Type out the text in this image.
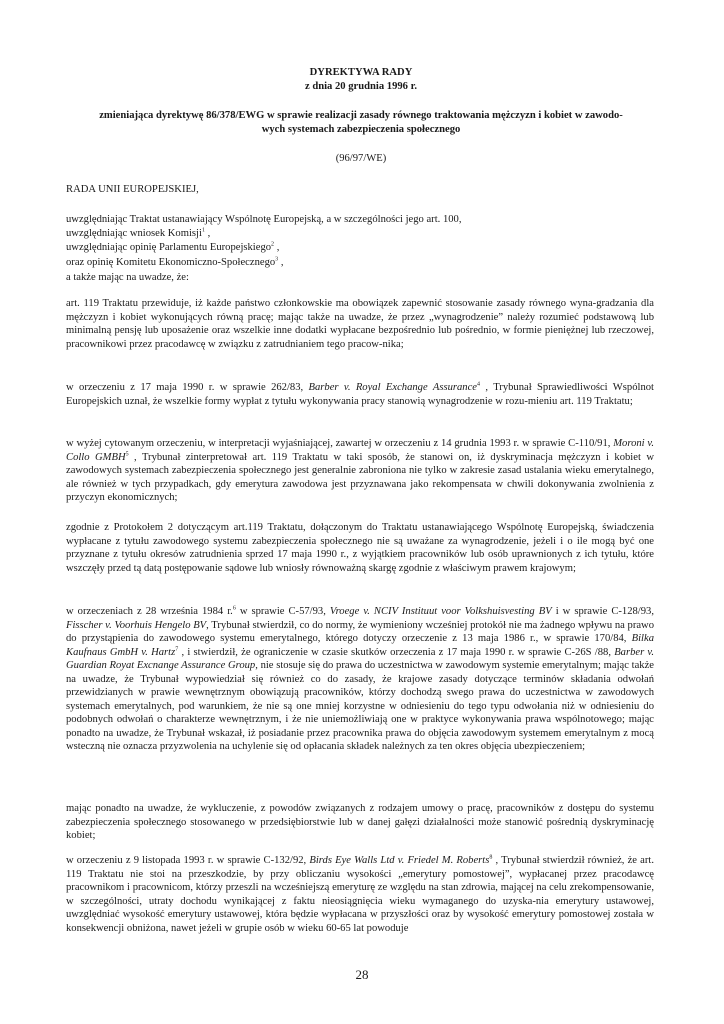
DYREKTYWA RADY
z dnia 20 grudnia 1996 r.
zmieniająca dyrektywę 86/378/EWG w sprawie realizacji zasady równego traktowania mężczyzn i kobiet w zawodo-
wych systemach zabezpieczenia społecznego
(96/97/WE)
RADA UNII EUROPEJSKIEJ,
uwzględniając Traktat ustanawiający Wspólnotę Europejską, a w szczególności jego art. 100,
uwzględniając wniosek Komisji$^1$ ,
uwzględniając opinię Parlamentu Europejskiego$^2$ ,
oraz opinię Komitetu Ekonomiczno-Społecznego$^3$ ,
a także mając na uwadze, że:

art. 119 Traktatu przewiduje, iż każde państwo członkowskie ma obowiązek zapewnić stosowanie zasady równego wyna-gradzania dla mężczyzn i kobiet wykonujących równą pracę; mając także na uwadze, że przez „wynagrodzenie” należy rozumieć podstawową lub minimalną pensję lub uposażenie oraz wszelkie inne dodatki wypłacane bezpośrednio lub pośrednio, w formie pieniężnej lub rzeczowej, pracownikowi przez pracodawcę w związku z zatrudnianiem tego pracow-nika;

w orzeczeniu z 17 maja 1990 r. w sprawie 262/83, Barber v. Royal Exchange Assurance$^4$ , Trybunał Sprawiedliwości Wspólnot Europejskich uznał, że wszelkie formy wypłat z tytułu wykonywania pracy stanowią wynagrodzenie w rozu-mieniu art. 119 Traktatu;

w wyżej cytowanym orzeczeniu, w interpretacji wyjaśniającej, zawartej w orzeczeniu z 14 grudnia 1993 r. w sprawie C-110/91, Moroni v. Collo GMBH$^5$ , Trybunał zinterpretował art. 119 Traktatu w taki sposób, że stanowi on, iż dyskryminacja mężczyzn i kobiet w zawodowych systemach zabezpieczenia społecznego jest generalnie zabroniona nie tylko w zakresie zasad ustalania wieku emerytalnego, ale również w tych przypadkach, gdy emerytura zawodowa jest przyznawana jako rekompensata w chwili dokonywania zwolnienia z przyczyn ekonomicznych;

zgodnie z Protokołem 2 dotyczącym art.119 Traktatu, dołączonym do Traktatu ustanawiającego Wspólnotę Europejską, świadczenia wypłacane z tytułu zawodowego systemu zabezpieczenia społecznego nie są uważane za wynagrodzenie, jeżeli i o ile mogą być one przyznane z tytułu okresów zatrudnienia sprzed 17 maja 1990 r., z wyjątkiem pracowników lub osób uprawnionych z ich tytułu, które wszczęły przed tą datą postępowanie sądowe lub wniosły równoważną skargę zgodnie z właściwym prawem krajowym;

w orzeczeniach z 28 września 1984 r.$^6$ w sprawie C-57/93, Vroege v. NCIV Instituut voor Volkshuisvesting BV i w sprawie C-128/93, Fisscher v. Voorhuis Hengelo BV, Trybunał stwierdził, co do normy, że wymieniony wcześniej protokół nie ma żadnego wpływu na prawo do przystąpienia do zawodowego systemu emerytalnego, którego dotyczy orzeczenie z 13 maja 1986 r., w sprawie 170/84, Bilka Kaufnaus GmbH v. Hartz$^7$ , i stwierdził, że ograniczenie w czasie skutków orzeczenia z 17 maja 1990 r. w sprawie C-26S /88, Barber v. Guardian Royat Excnange Assurance Group, nie stosuje się do prawa do uczestnictwa w zawodowym systemie emerytalnym; mając także na uwadze, że Trybunał wypowiedział się również co do zasady, że krajowe zasady dotyczące terminów składania odwołań przewidzianych w prawie wewnętrznym obowiązują pracowników, którzy dochodzą swego prawa do uczestnictwa w zawodowych systemach emerytalnych, pod warunkiem, że nie są one mniej korzystne w odniesieniu do tego typu odwołania niż w odniesieniu do podobnych odwołań o charakterze wewnętrznym, i że nie uniemożliwiają one w praktyce wykonywania prawa wspólnotowego; mając ponadto na uwadze, że Trybunał wskazał, iż posiadanie przez pracownika prawa do objęcia zawodowym systemem emerytalnym z mocą wsteczną nie oznacza przyzwolenia na uchylenie się od opłacania składek należnych za ten okres objęcia ubezpieczeniem;

mając ponadto na uwadze, że wykluczenie, z powodów związanych z rodzajem umowy o pracę, pracowników z dostępu do systemu zabezpieczenia społecznego stosowanego w przedsiębiorstwie lub w danej gałęzi działalności może stanowić pośrednią dyskryminację kobiet;

w orzeczeniu z 9 listopada 1993 r. w sprawie C-132/92, Birds Eye Walls Ltd v. Friedel M. Roberts$^8$ , Trybunał stwierdził również, że art. 119 Traktatu nie stoi na przeszkodzie, by przy obliczaniu wysokości „emerytury pomostowej”, wypłacanej przez pracodawcę pracownikom i pracownicom, którzy przeszli na wcześniejszą emeryturę ze względu na stan zdrowia, mającej na celu zrekompensowanie, w szczególności, utraty dochodu wynikającej z faktu nieosiągnięcia wieku wymaganego do uzyska-nia emerytury ustawowej, uwzględniać wysokość emerytury ustawowej, która będzie wypłacana w przyszłości oraz by wysokość emerytury pomostowej została w konsekwencji obniżona, nawet jeżeli w grupie osób w wieku 60-65 lat powoduje

28
